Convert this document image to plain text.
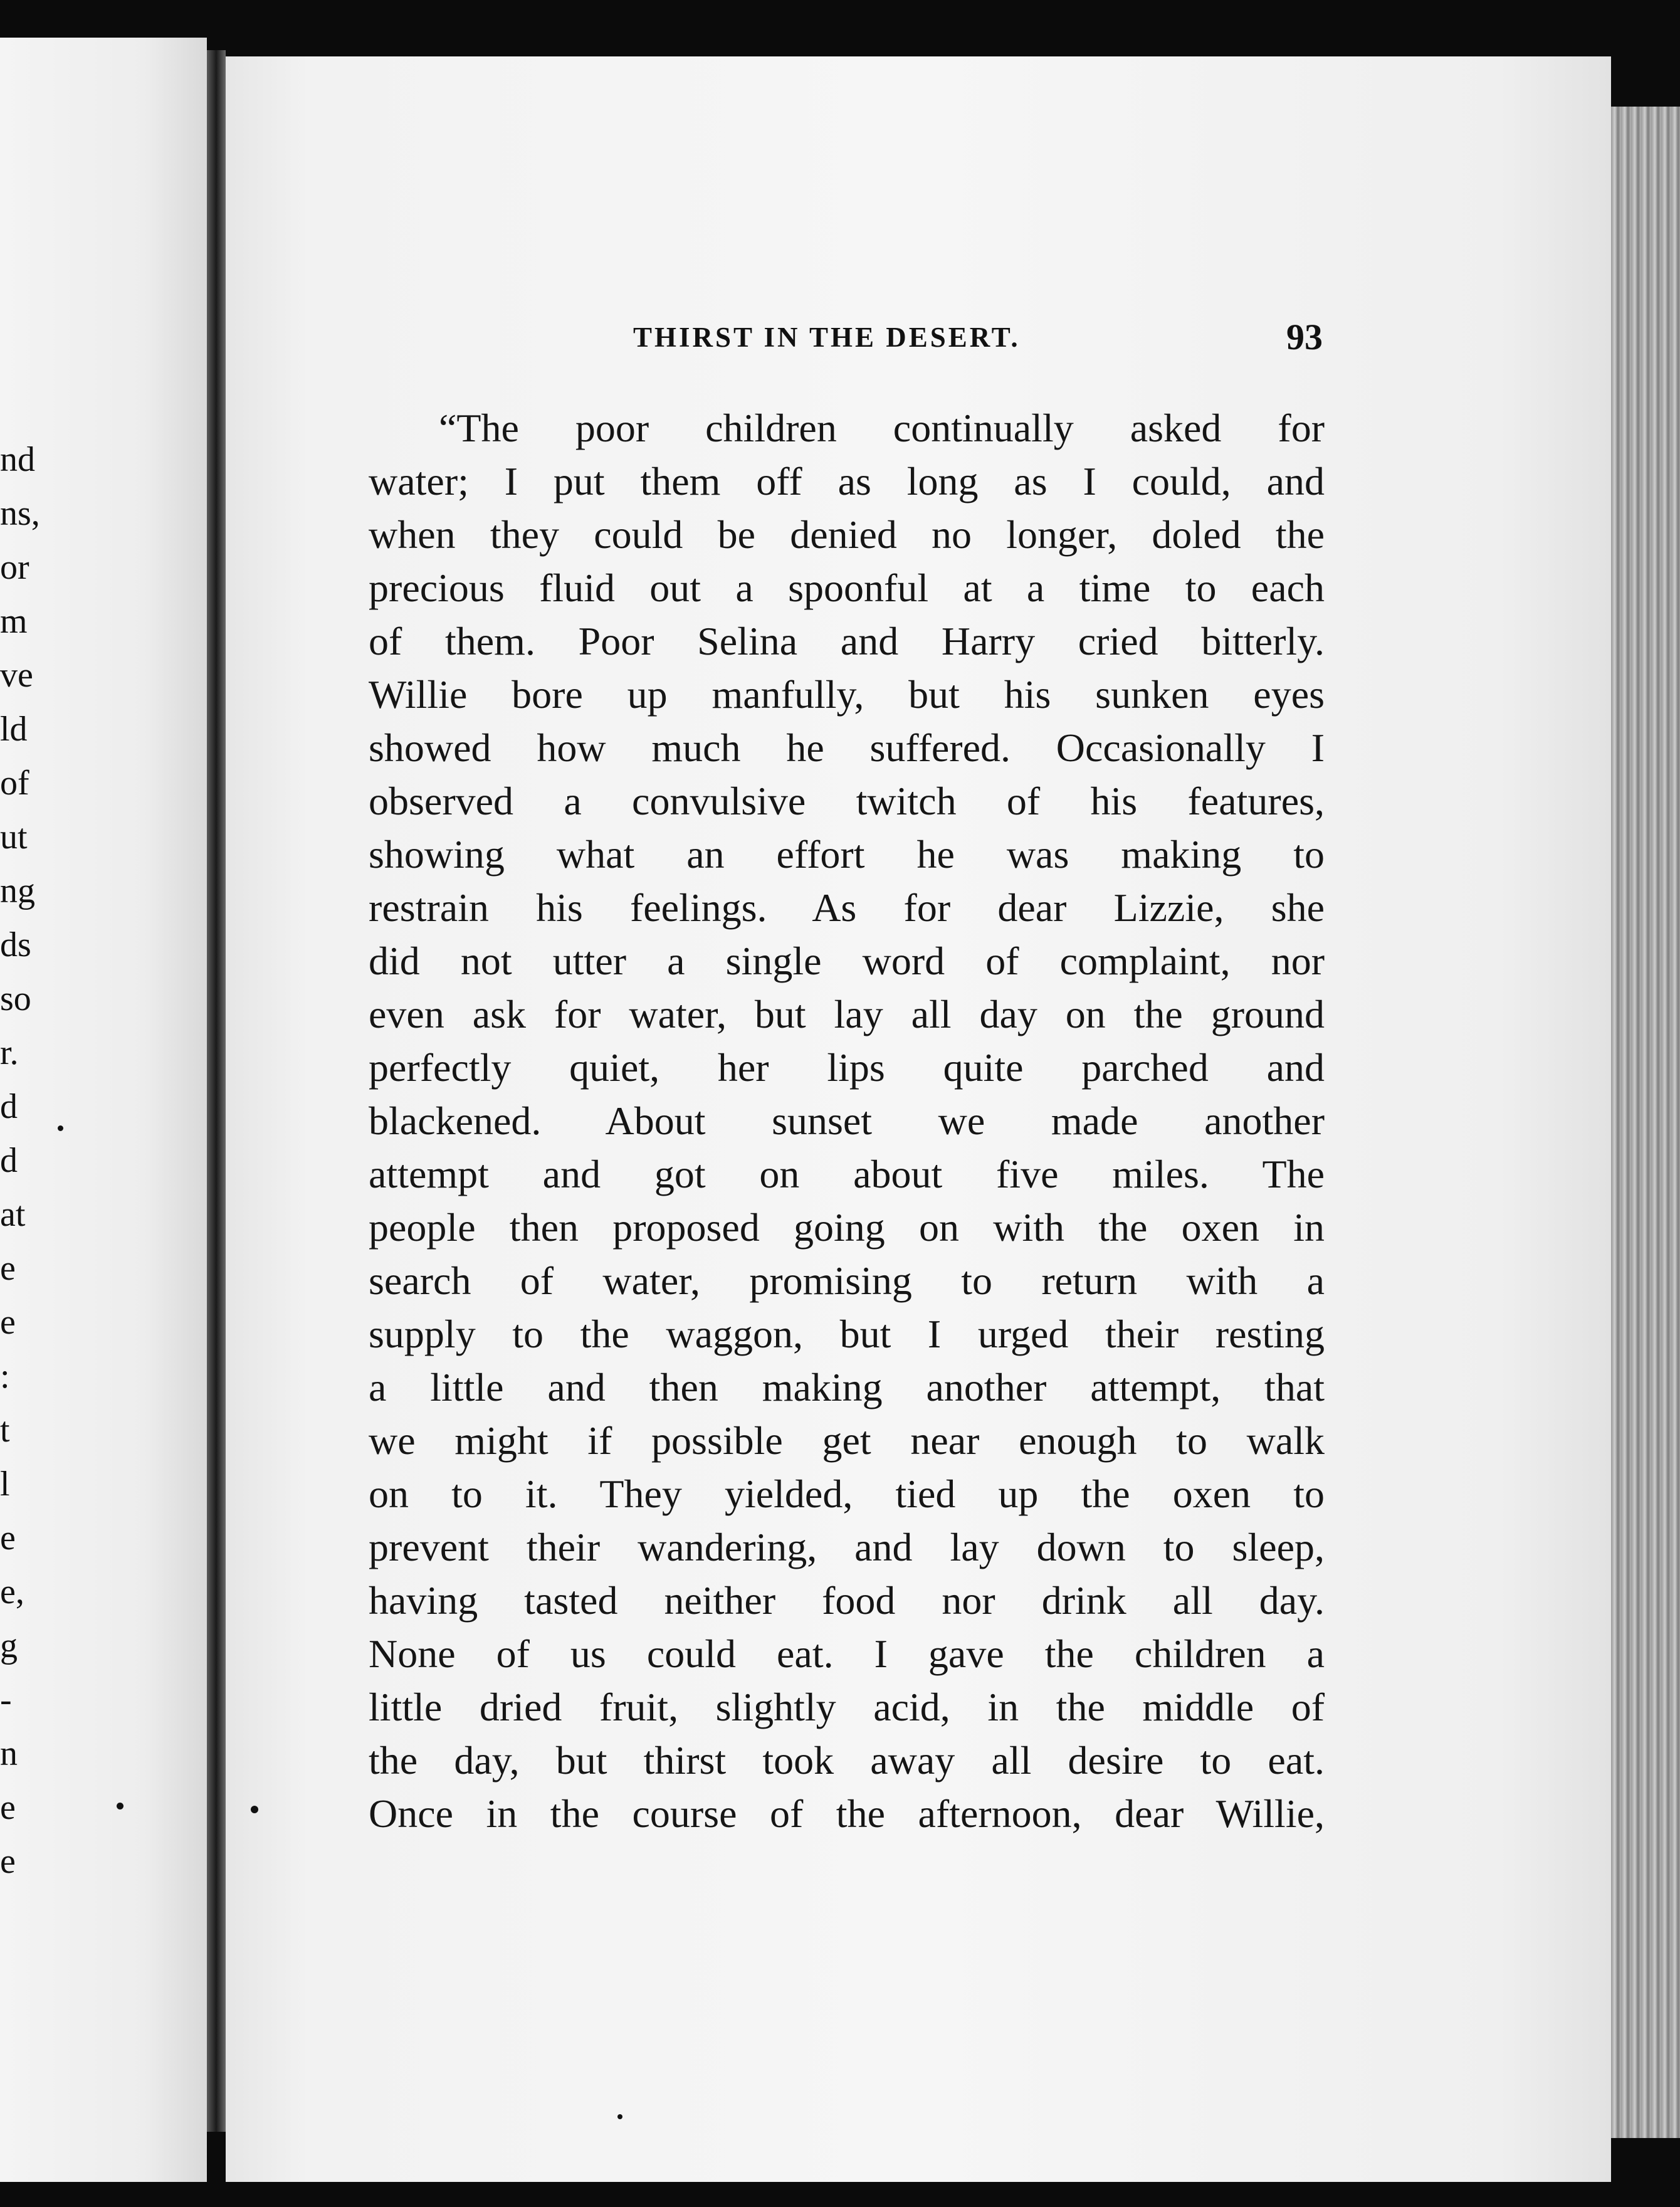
nd
ns,
or
m
ve
ld
of
ut
ng
ds
so
r.
d
d
at
e
e
:
t
l
e
e,
g
-
n
e
e
THIRST IN THE DESERT.	93
“The poor children continually asked for
water; I put them off as long as I could, and
when they could be denied no longer, doled the
precious fluid out a spoonful at a time to each
of them. Poor Selina and Harry cried bitterly.
Willie bore up manfully, but his sunken eyes
showed how much he suffered. Occasionally I
observed a convulsive twitch of his features,
showing what an effort he was making to
restrain his feelings. As for dear Lizzie, she
did not utter a single word of complaint, nor
even ask for water, but lay all day on the ground
perfectly quiet, her lips quite parched and
blackened. About sunset we made another
attempt and got on about five miles. The
people then proposed going on with the oxen in
search of water, promising to return with a
supply to the waggon, but I urged their resting
a little and then making another attempt, that
we might if possible get near enough to walk
on to it. They yielded, tied up the oxen to
prevent their wandering, and lay down to sleep,
having tasted neither food nor drink all day.
None of us could eat. I gave the children a
little dried fruit, slightly acid, in the middle of
the day, but thirst took away all desire to eat.
Once in the course of the afternoon, dear Willie,
